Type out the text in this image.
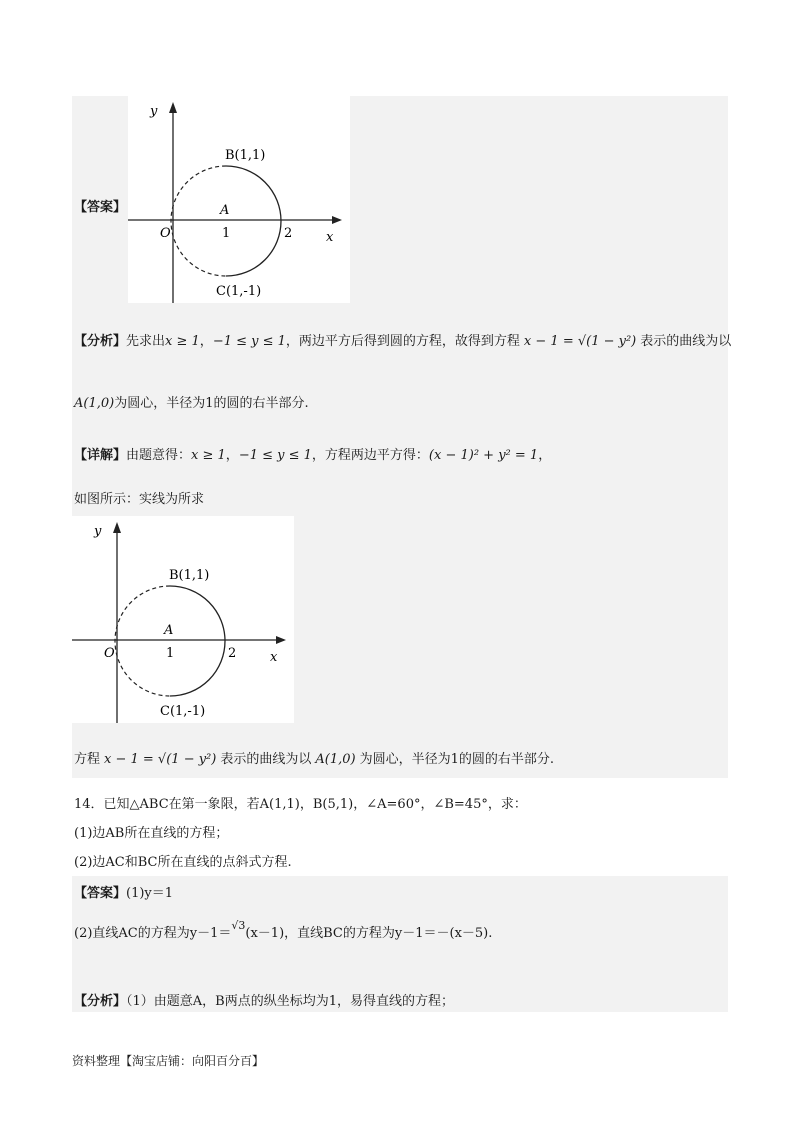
y
x
B(1,1)
A
O	1	2
C(1,-1)
【答案】
【分析】先求出x ≥ 1，−1 ≤ y ≤ 1，两边平方后得到圆的方程，故得到方程 x − 1 = √(1 − y²) 表示的曲线为以
A(1,0)为圆心，半径为1的圆的右半部分.
【详解】由题意得：x ≥ 1，−1 ≤ y ≤ 1，方程两边平方得：(x − 1)² + y² = 1，
如图所示：实线为所求
y
x
B(1,1)
A
O	1	2
C(1,-1)
方程 x − 1 = √(1 − y²) 表示的曲线为以 A(1,0) 为圆心，半径为1的圆的右半部分.
14．已知△ABC在第一象限，若A(1,1)，B(5,1)，∠A=60°，∠B=45°，求：
(1)边AB所在直线的方程；
(2)边AC和BC所在直线的点斜式方程.
【答案】(1)y＝1
(2)直线AC的方程为y－1＝$^{√3}$(x－1)，直线BC的方程为y－1＝－(x－5).
【分析】（1）由题意A，B两点的纵坐标均为1，易得直线的方程；
资料整理【淘宝店铺：向阳百分百】
